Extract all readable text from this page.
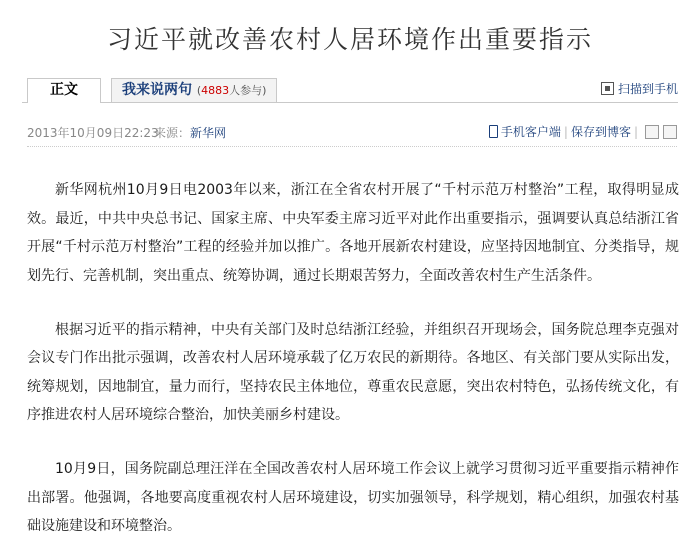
习近平就改善农村人居环境作出重要指示
正文	我来说两句 (4883人参与)	扫描到手机
2013年10月09日22:23
来源：新华网	手机客户端 | 保存到博客 |

新华网杭州10月9日电2003年以来，浙江在全省农村开展了“千村示范万村整治”工程，取得明显成效。最近，中共中央总书记、国家主席、中央军委主席习近平对此作出重要指示，强调要认真总结浙江省开展“千村示范万村整治”工程的经验并加以推广。各地开展新农村建设，应坚持因地制宜、分类指导，规划先行、完善机制，突出重点、统筹协调，通过长期艰苦努力，全面改善农村生产生活条件。

根据习近平的指示精神，中央有关部门及时总结浙江经验，并组织召开现场会，国务院总理李克强对会议专门作出批示强调，改善农村人居环境承载了亿万农民的新期待。各地区、有关部门要从实际出发，统筹规划，因地制宜，量力而行，坚持农民主体地位，尊重农民意愿，突出农村特色，弘扬传统文化，有序推进农村人居环境综合整治，加快美丽乡村建设。

10月9日，国务院副总理汪洋在全国改善农村人居环境工作会议上就学习贯彻习近平重要指示精神作出部署。他强调，各地要高度重视农村人居环境建设，切实加强领导，科学规划，精心组织，加强农村基础设施建设和环境整治。
